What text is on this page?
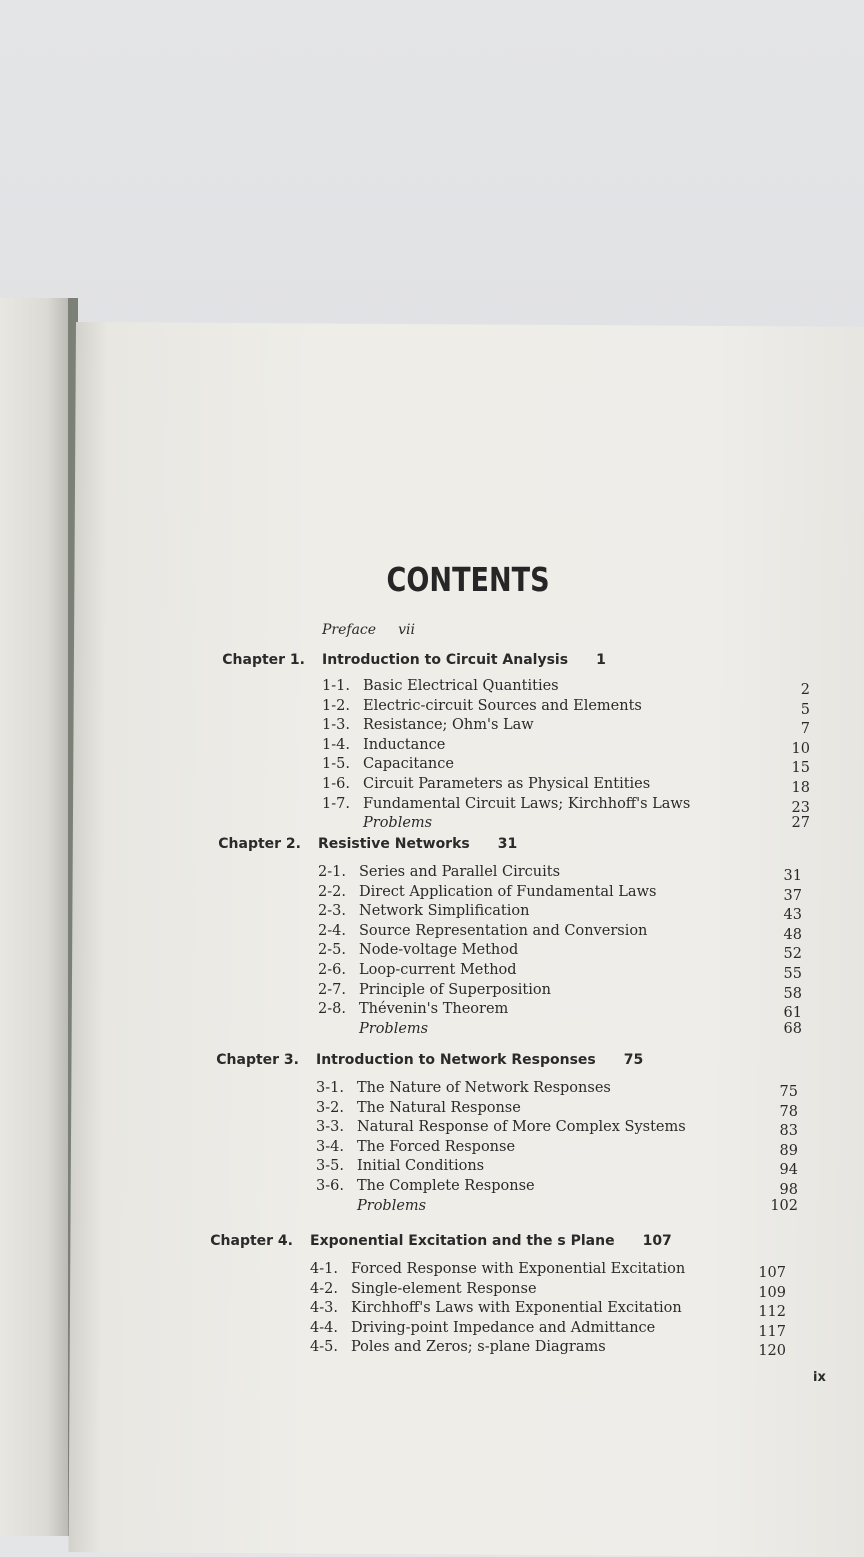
CONTENTS
Preface vii
Chapter 1. Introduction to Circuit Analysis 1
1-1. Basic Electrical Quantities	2
1-2. Electric-circuit Sources and Elements	5
1-3. Resistance; Ohm's Law	7
1-4. Inductance	10
1-5. Capacitance	15
1-6. Circuit Parameters as Physical Entities	18
1-7. Fundamental Circuit Laws; Kirchhoff's Laws	23
Problems	27
Chapter 2. Resistive Networks 31
2-1. Series and Parallel Circuits	31
2-2. Direct Application of Fundamental Laws	37
2-3. Network Simplification	43
2-4. Source Representation and Conversion	48
2-5. Node-voltage Method	52
2-6. Loop-current Method	55
2-7. Principle of Superposition	58
2-8. Thévenin's Theorem	61
Problems	68
Chapter 3. Introduction to Network Responses 75
3-1. The Nature of Network Responses	75
3-2. The Natural Response	78
3-3. Natural Response of More Complex Systems	83
3-4. The Forced Response	89
3-5. Initial Conditions	94
3-6. The Complete Response	98
Problems	102
Chapter 4. Exponential Excitation and the s Plane 107
4-1. Forced Response with Exponential Excitation	107
4-2. Single-element Response	109
4-3. Kirchhoff's Laws with Exponential Excitation	112
4-4. Driving-point Impedance and Admittance	117
4-5. Poles and Zeros; s-plane Diagrams	120
ix
